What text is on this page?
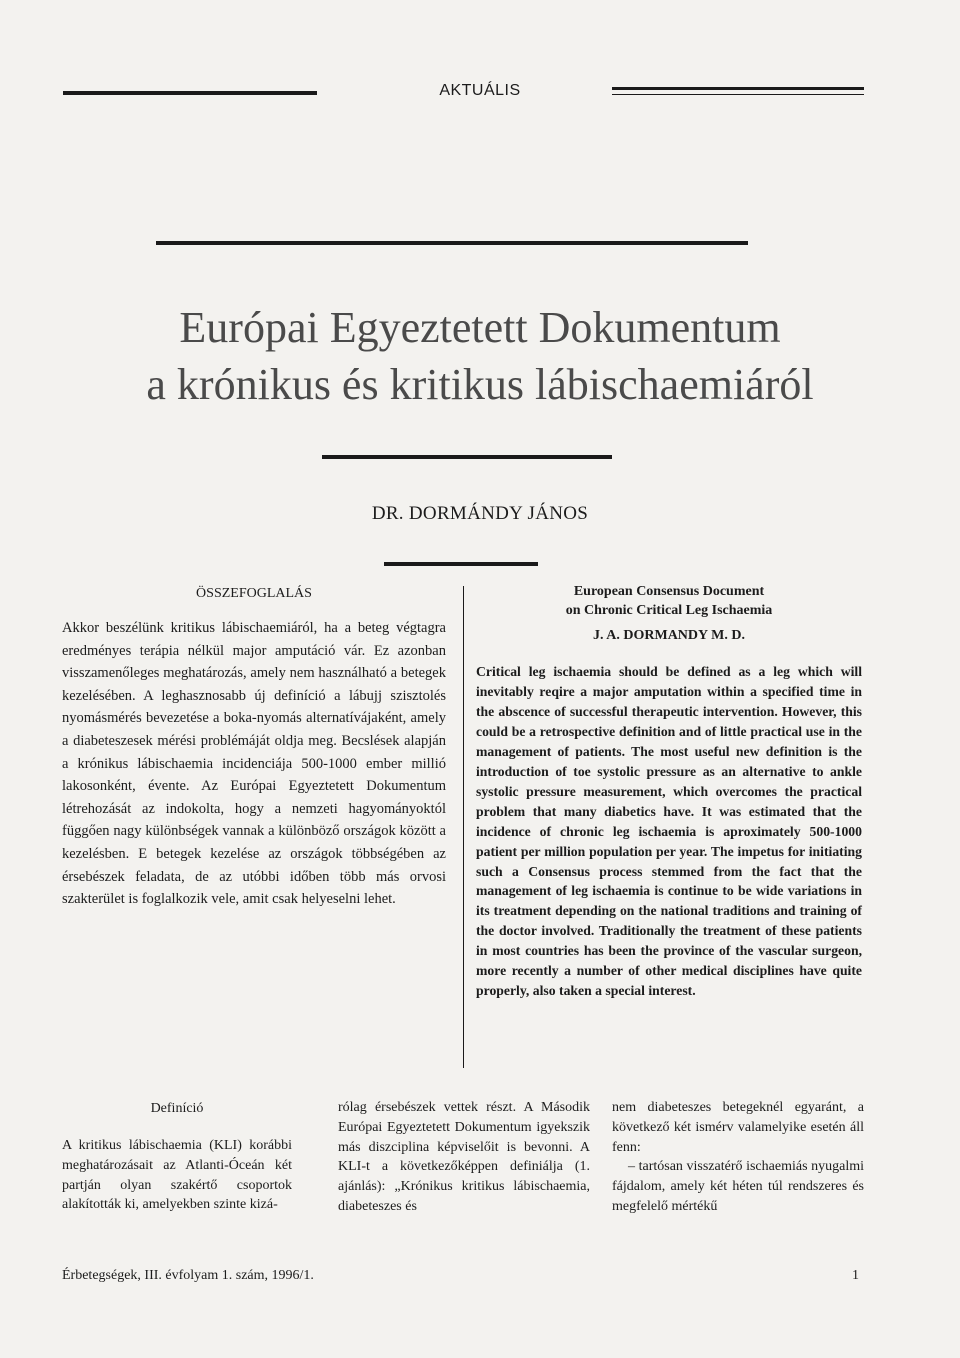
AKTUÁLIS
Európai Egyeztetett Dokumentum
a krónikus és kritikus lábischaemiáról
DR. DORMÁNDY JÁNOS
ÖSSZEFOGLALÁS
Akkor beszélünk kritikus lábischaemiáról, ha a beteg végtagra eredményes terápia nélkül major amputáció vár. Ez azonban visszamenőleges meghatározás, amely nem használható a betegek kezelésében. A leghasznosabb új definíció a lábujj szisztolés nyomásmérés bevezetése a boka-nyomás alternatívájaként, amely a diabeteszesek mérési problémáját oldja meg. Becslések alapján a krónikus lábischaemia incidenciája 500-1000 ember millió lakosonként, évente. Az Európai Egyeztetett Dokumentum létrehozását az indokolta, hogy a nemzeti hagyományoktól függően nagy különbségek vannak a különböző országok között a kezelésben. E betegek kezelése az országok többségében az érsebészek feladata, de az utóbbi időben több más orvosi szakterület is foglalkozik vele, amit csak helyeselni lehet.
European Consensus Document
on Chronic Critical Leg Ischaemia
J. A. DORMANDY M. D.
Critical leg ischaemia should be defined as a leg which will inevitably reqire a major amputation within a specified time in the abscence of successful therapeutic intervention. However, this could be a retrospective definition and of little practical use in the management of patients. The most useful new definition is the introduction of toe systolic pressure as an alternative to ankle systolic pressure measurement, which overcomes the practical problem that many diabetics have. It was estimated that the incidence of chronic leg ischaemia is aproximately 500-1000 patient per million population per year. The impetus for initiating such a Consensus process stemmed from the fact that the management of leg ischaemia is continue to be wide variations in its treatment depending on the national traditions and training of the doctor involved. Traditionally the treatment of these patients in most countries has been the province of the vascular surgeon, more recently a number of other medical disciplines have quite properly, also taken a special interest.
Definíció
A kritikus lábischaemia (KLI) korábbi meghatározásait az Atlanti-Óceán két partján olyan szakértő csoportok alakították ki, amelyekben szinte kizá-
rólag érsebészek vettek részt. A Második Európai Egyeztetett Dokumentum igyekszik más diszciplina képviselőit is bevonni. A KLI-t a következőképpen definiálja (1. ajánlás): „Krónikus kritikus lábischaemia, diabeteszes és
nem diabeteszes betegeknél egyaránt, a következő két ismérv valamelyike esetén áll fenn:
– tartósan visszatérő ischaemiás nyugalmi fájdalom, amely két héten túl rendszeres és megfelelő mértékű
Érbetegségek, III. évfolyam 1. szám, 1996/1.	1
